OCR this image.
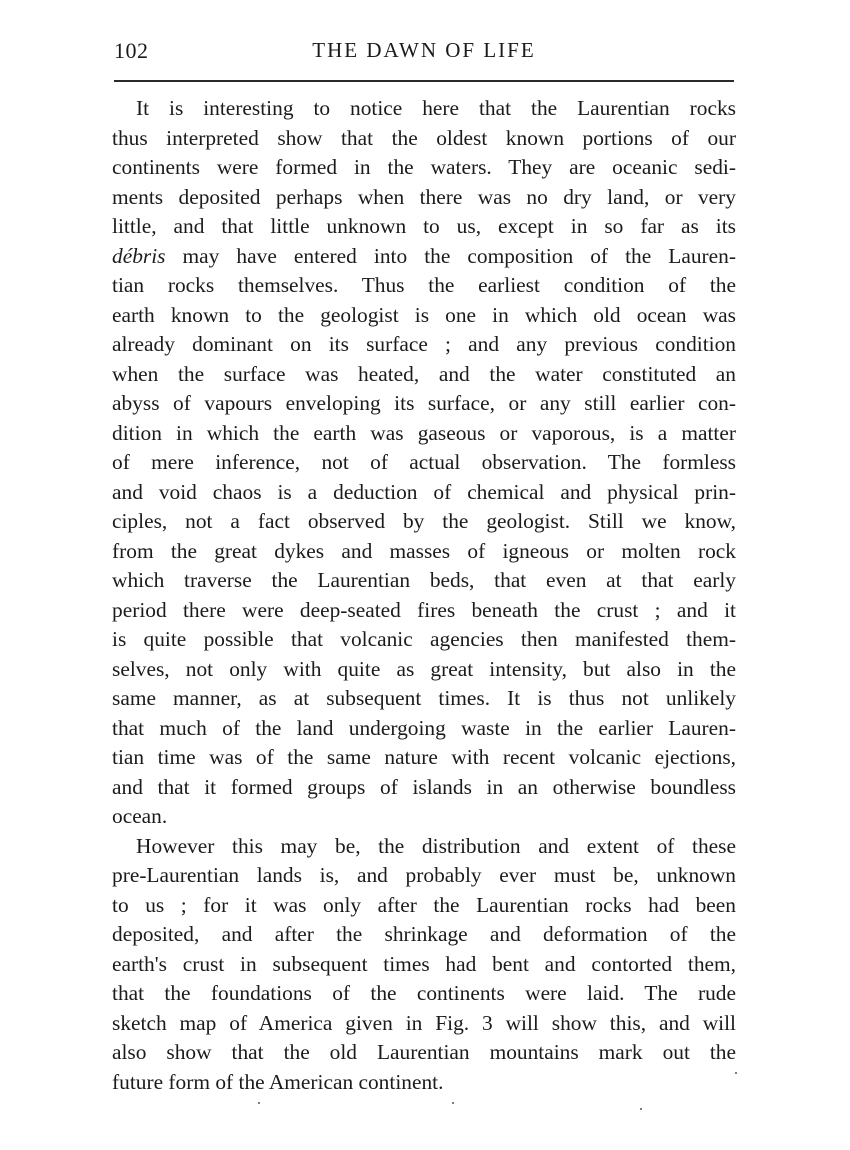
102	THE DAWN OF LIFE
It is interesting to notice here that the Laurentian rocks
thus interpreted show that the oldest known portions of our
continents were formed in the waters. They are oceanic sedi-
ments deposited perhaps when there was no dry land, or very
little, and that little unknown to us, except in so far as its
débris may have entered into the composition of the Lauren-
tian rocks themselves. Thus the earliest condition of the
earth known to the geologist is one in which old ocean was
already dominant on its surface ; and any previous condition
when the surface was heated, and the water constituted an
abyss of vapours enveloping its surface, or any still earlier con-
dition in which the earth was gaseous or vaporous, is a matter
of mere inference, not of actual observation. The formless
and void chaos is a deduction of chemical and physical prin-
ciples, not a fact observed by the geologist. Still we know,
from the great dykes and masses of igneous or molten rock
which traverse the Laurentian beds, that even at that early
period there were deep-seated fires beneath the crust ; and it
is quite possible that volcanic agencies then manifested them-
selves, not only with quite as great intensity, but also in the
same manner, as at subsequent times. It is thus not unlikely
that much of the land undergoing waste in the earlier Lauren-
tian time was of the same nature with recent volcanic ejections,
and that it formed groups of islands in an otherwise boundless
ocean.
However this may be, the distribution and extent of these
pre-Laurentian lands is, and probably ever must be, unknown
to us ; for it was only after the Laurentian rocks had been
deposited, and after the shrinkage and deformation of the
earth's crust in subsequent times had bent and contorted them,
that the foundations of the continents were laid. The rude
sketch map of America given in Fig. 3 will show this, and will
also show that the old Laurentian mountains mark out the
future form of the American continent.
